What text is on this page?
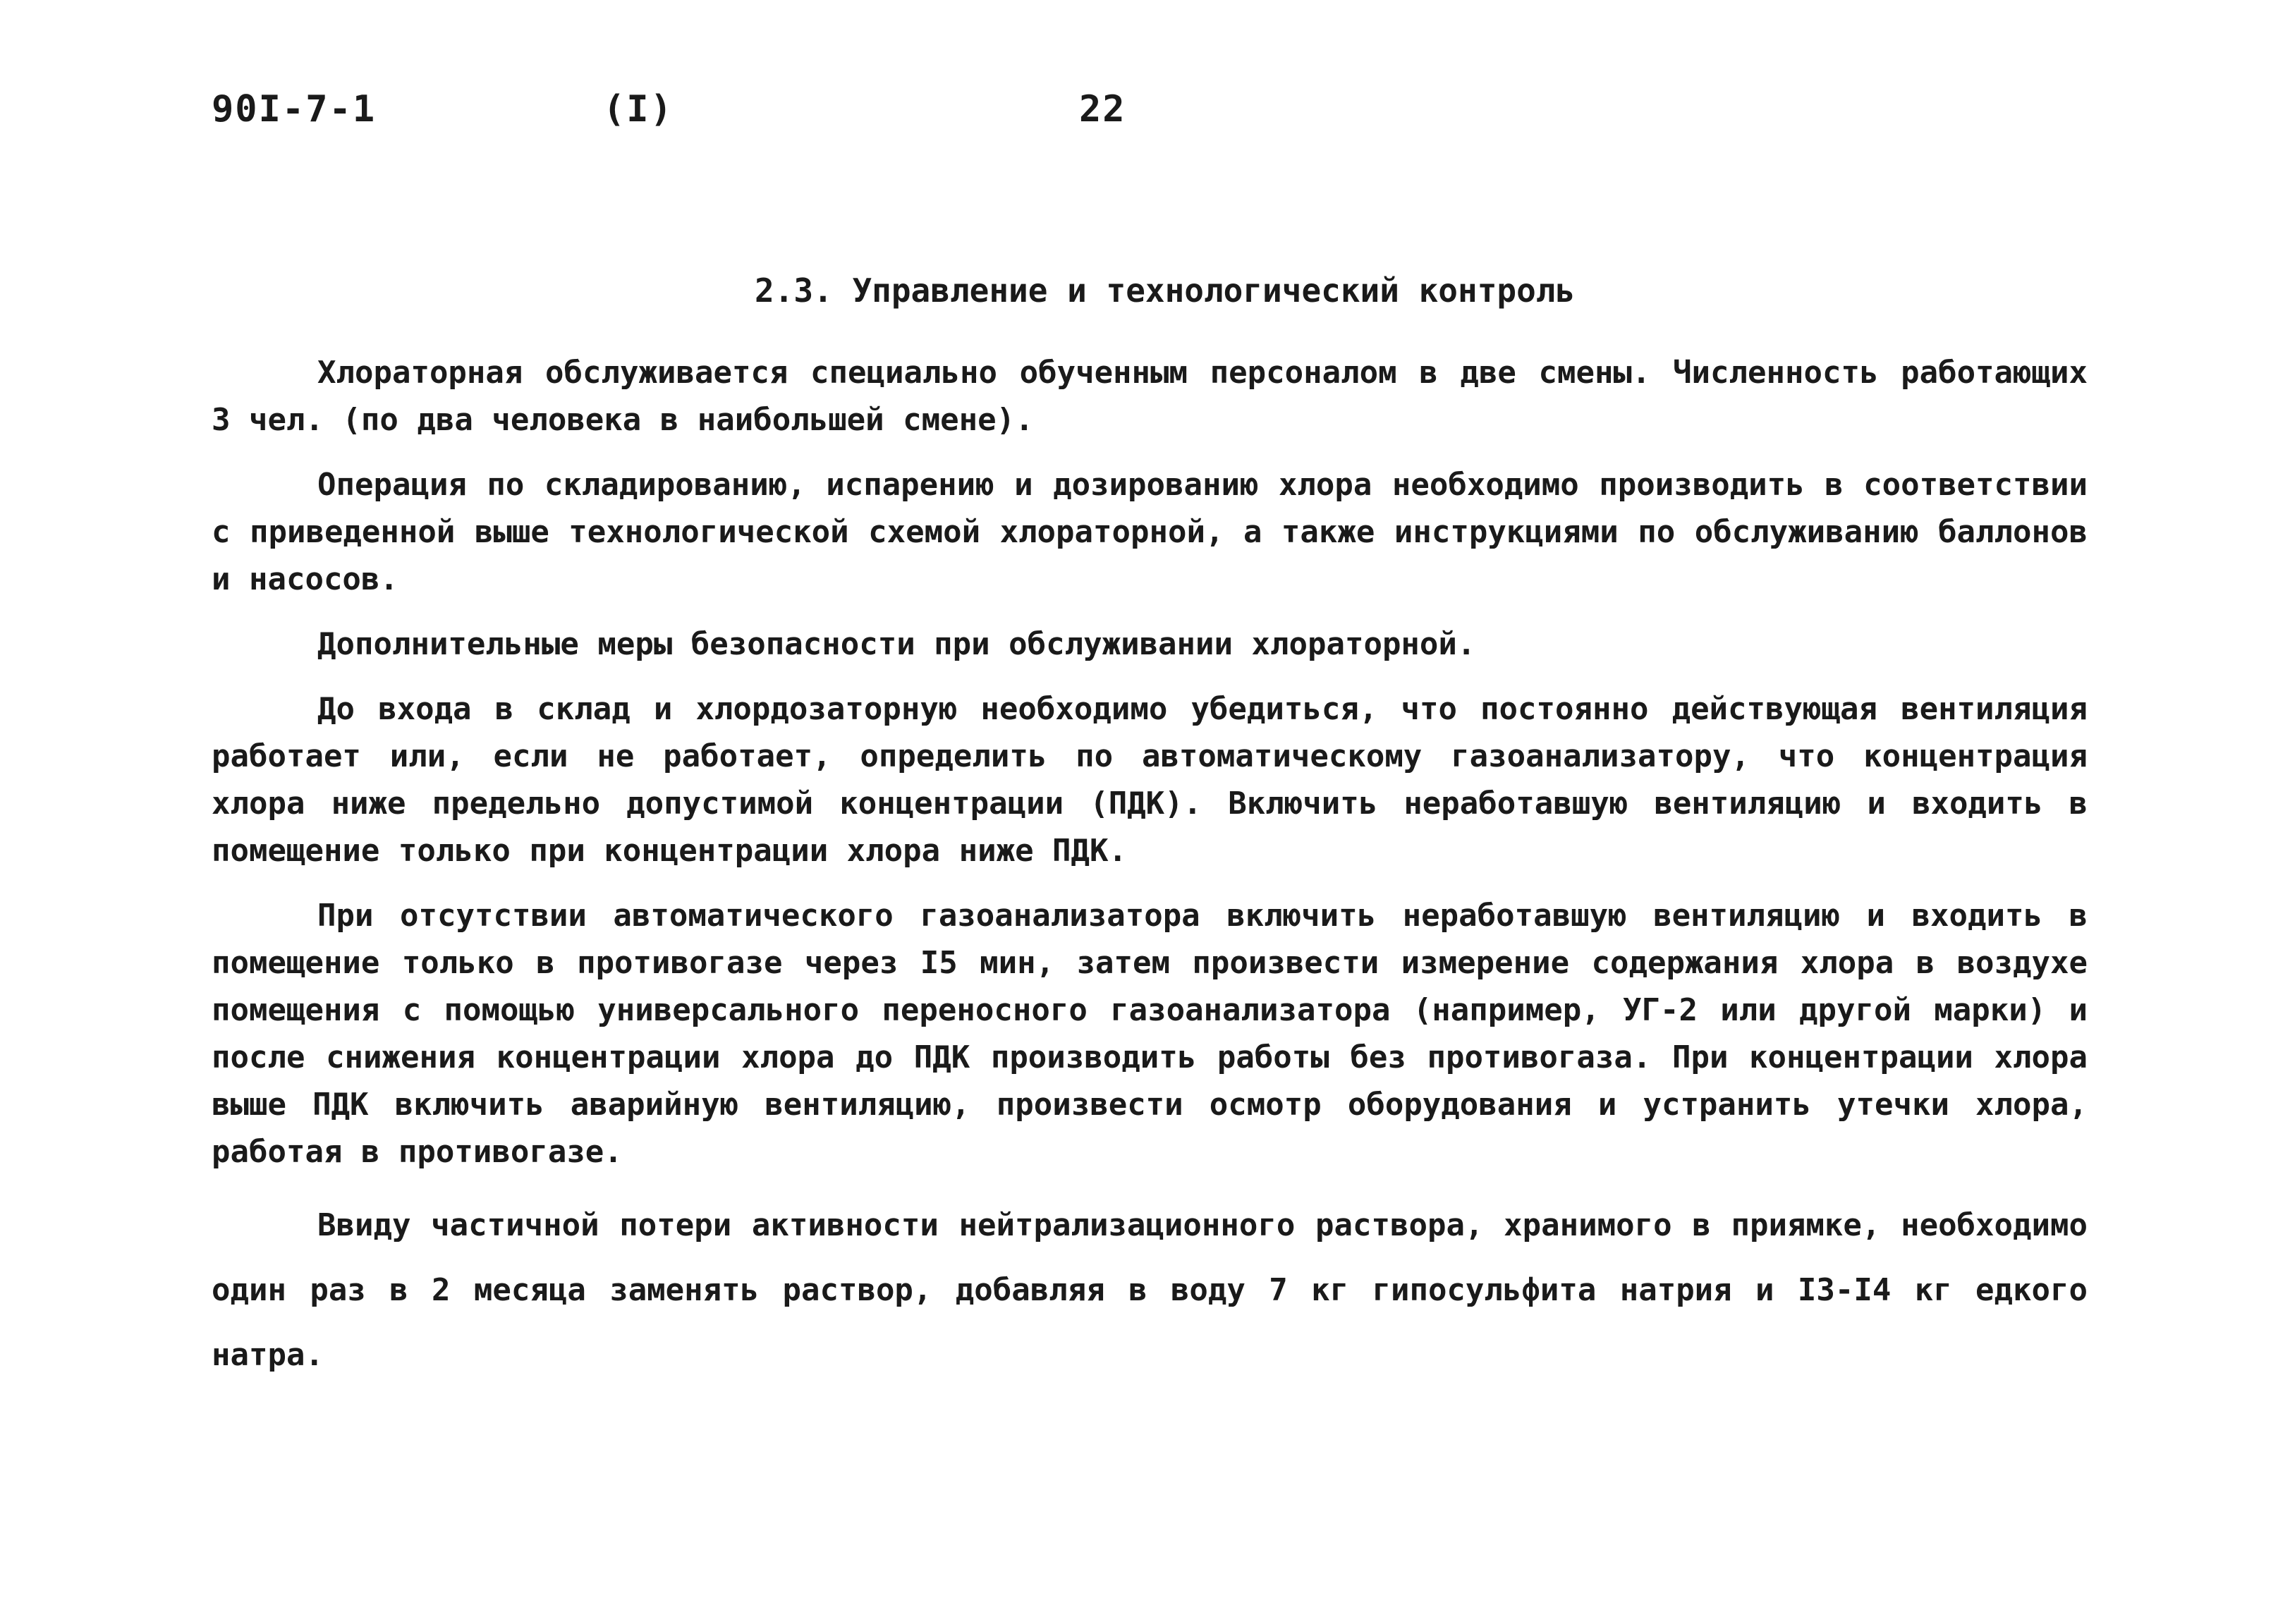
90I-7-1	(I)	22
2.3. Управление и технологический контроль

Хлораторная обслуживается специально обученным персоналом в две смены. Численность работающих 3 чел. (по два человека в наибольшей смене).

Операция по складированию, испарению и дозированию хлора необходимо производить в соответствии с приведенной выше технологической схемой хлораторной, а также инструкциями по обслуживанию баллонов и насосов.

Дополнительные меры безопасности при обслуживании хлораторной.

До входа в склад и хлордозаторную необходимо убедиться, что постоянно действующая вентиляция работает или, если не работает, определить по автоматическому газоанализатору, что концентрация хлора ниже предельно допустимой концентрации (ПДК). Включить неработавшую вентиляцию и входить в помещение только при концентрации хлора ниже ПДК.

При отсутствии автоматического газоанализатора включить неработавшую вентиляцию и входить в помещение только в противогазе через I5 мин, затем произвести измерение содержания хлора в воздухе помещения с помощью универсального переносного газоанализатора (например, УГ-2 или другой марки) и после снижения концентрации хлора до ПДК производить работы без противогаза. При концентрации хлора выше ПДК включить аварийную вентиляцию, произвести осмотр оборудования и устранить утечки хлора, работая в противогазе.

Ввиду частичной потери активности нейтрализационного раствора, хранимого в приямке, необходимо один раз в 2 месяца заменять раствор, добавляя в воду 7 кг гипосульфита натрия и I3-I4 кг едкого натра.
